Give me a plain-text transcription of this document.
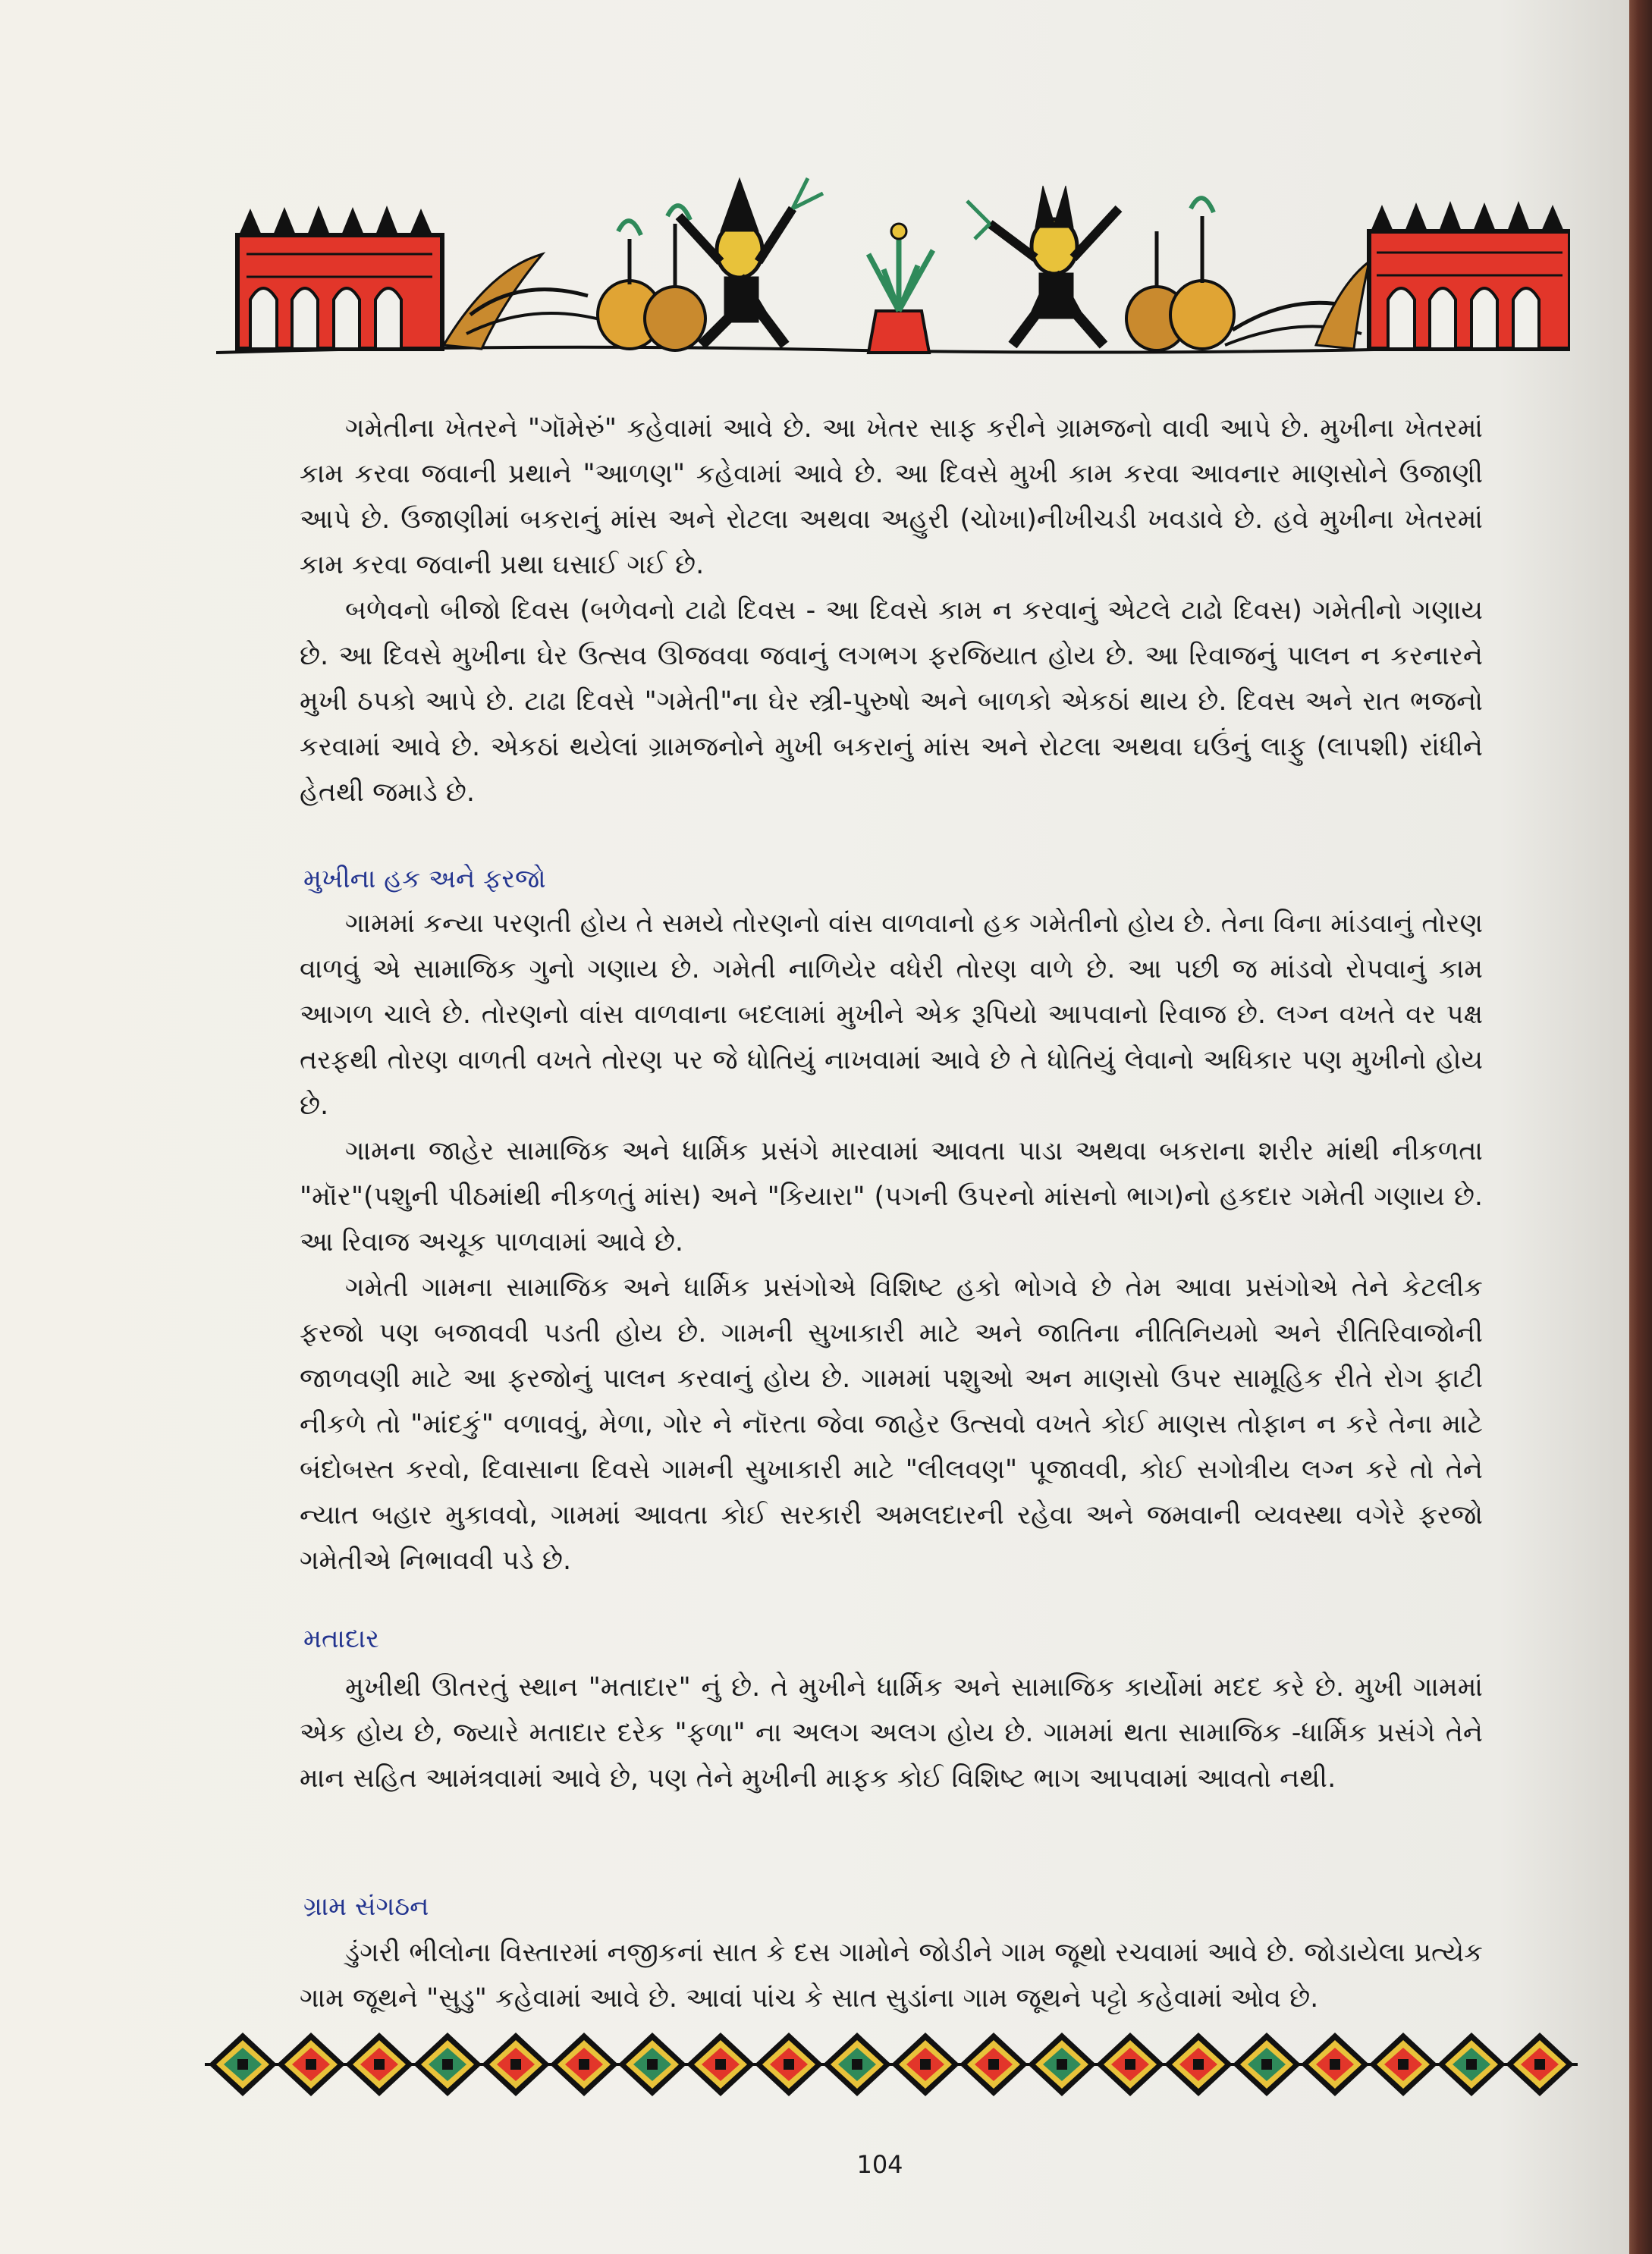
ગમેતીના ખેતરને "ગૉમેરું" કહેવામાં આવે છે. આ ખેતર સાફ કરીને ગ્રામજનો વાવી આપે છે. મુખીના ખેતરમાં કામ કરવા જવાની પ્રથાને "આળણ" કહેવામાં આવે છે. આ દિવસે મુખી કામ કરવા આવનાર માણસોને ઉજાણી આપે છે. ઉજાણીમાં બકરાનું માંસ અને રોટલા અથવા અહુરી (ચોખા)નીખીચડી ખવડાવે છે. હવે મુખીના ખેતરમાં કામ કરવા જવાની પ્રથા ઘસાઈ ગઈ છે.

બળેવનો બીજો દિવસ (બળેવનો ટાઢો દિવસ - આ દિવસે કામ ન કરવાનું એટલે ટાઢો દિવસ) ગમેતીનો ગણાય છે. આ દિવસે મુખીના ઘેર ઉત્સવ ઊજવવા જવાનું લગભગ ફરજિયાત હોય છે. આ રિવાજનું પાલન ન કરનારને મુખી ઠપકો આપે છે. ટાઢા દિવસે "ગમેતી"ના ઘેર સ્ત્રી-પુરુષો અને બાળકો એકઠાં થાય છે. દિવસ અને રાત ભજનો કરવામાં આવે છે. એકઠાં થયેલાં ગ્રામજનોને મુખી બકરાનું માંસ અને રોટલા અથવા ઘઉંનું લાફુ (લાપશી) રાંધીને હેતથી જમાડે છે.

મુખીના હક અને ફરજો

ગામમાં કન્યા પરણતી હોય તે સમયે તોરણનો વાંસ વાળવાનો હક ગમેતીનો હોય છે. તેના વિના માંડવાનું તોરણ વાળવું એ સામાજિક ગુનો ગણાય છે. ગમેતી નાળિયેર વધેરી તોરણ વાળે છે. આ પછી જ માંડવો રોપવાનું કામ આગળ ચાલે છે. તોરણનો વાંસ વાળવાના બદલામાં મુખીને એક રૂપિયો આપવાનો રિવાજ છે. લગ્ન વખતે વર પક્ષ તરફથી તોરણ વાળતી વખતે તોરણ પર જે ધોતિયું નાખવામાં આવે છે તે ધોતિયું લેવાનો અધિકાર પણ મુખીનો હોય છે.

ગામના જાહેર સામાજિક અને ધાર્મિક પ્રસંગે મારવામાં આવતા પાડા અથવા બકરાના શરીર માંથી નીકળતા "મૉર"(પશુની પીઠમાંથી નીકળતું માંસ) અને "કિયારા" (પગની ઉપરનો માંસનો ભાગ)નો હકદાર ગમેતી ગણાય છે. આ રિવાજ અચૂક પાળવામાં આવે છે.

ગમેતી ગામના સામાજિક અને ધાર્મિક પ્રસંગોએ વિશિષ્ટ હકો ભોગવે છે તેમ આવા પ્રસંગોએ તેને કેટલીક ફરજો પણ બજાવવી પડતી હોય છે. ગામની સુખાકારી માટે અને જાતિના નીતિનિયમો અને રીતિરિવાજોની જાળવણી માટે આ ફરજોનું પાલન કરવાનું હોય છે. ગામમાં પશુઓ અન માણસો ઉપર સામૂહિક રીતે રોગ ફાટી નીકળે તો "માંદકું" વળાવવું, મેળા, ગોર ને નૉરતા જેવા જાહેર ઉત્સવો વખતે કોઈ માણસ તોફાન ન કરે તેના માટે બંદોબસ્ત કરવો, દિવાસાના દિવસે ગામની સુખાકારી માટે "લીલવણ" પૂજાવવી, કોઈ સગોત્રીય લગ્ન કરે તો તેને ન્યાત બહાર મુકાવવો, ગામમાં આવતા કોઈ સરકારી અમલદારની રહેવા અને જમવાની વ્યવસ્થા વગેરે ફરજો ગમેતીએ નિભાવવી પડે છે.

મતાદાર

મુખીથી ઊતરતું સ્થાન "મતાદાર" નું છે. તે મુખીને ધાર્મિક અને સામાજિક કાર્યોમાં મદદ કરે છે. મુખી ગામમાં એક હોય છે, જ્યારે મતાદાર દરેક "ફળા" ના અલગ અલગ હોય છે. ગામમાં થતા સામાજિક -ધાર્મિક પ્રસંગે તેને માન સહિત આમંત્રવામાં આવે છે, પણ તેને મુખીની માફક કોઈ વિશિષ્ટ ભાગ આપવામાં આવતો નથી.

ગ્રામ સંગઠન

ડુંગરી ભીલોના વિસ્તારમાં નજીકનાં સાત કે દસ ગામોને જોડીને ગામ જૂથો રચવામાં આવે છે. જોડાયેલા પ્રત્યેક ગામ જૂથને "સુડુ" કહેવામાં આવે છે. આવાં પાંચ કે સાત સુડાંના ગામ જૂથને પટ્ટો કહેવામાં ઓવ છે.

104
